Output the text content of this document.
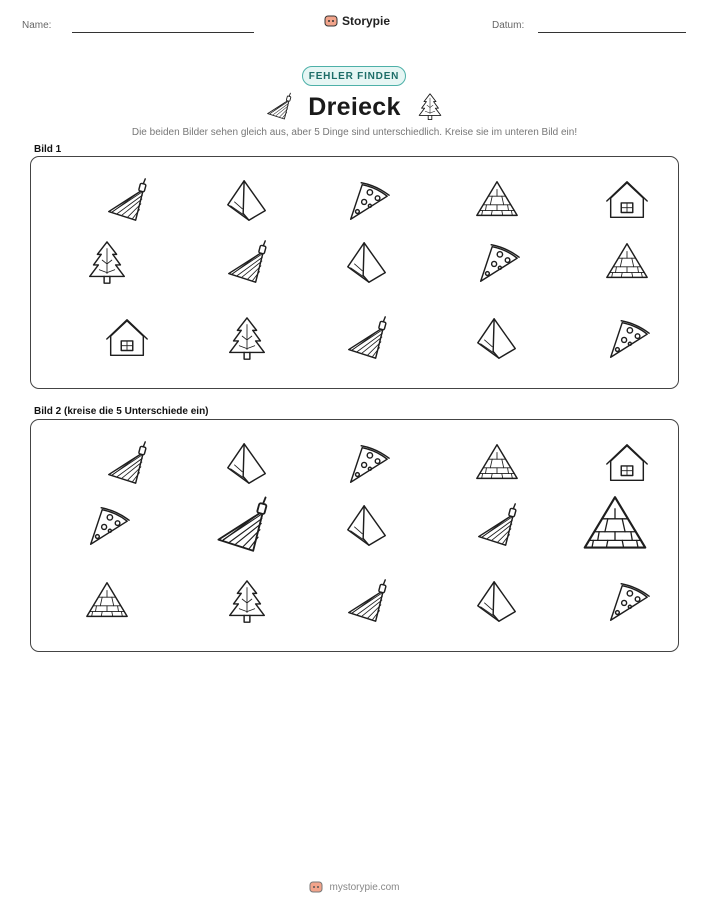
Name:	Storypie	Datum:
FEHLER FINDEN
Dreieck
Die beiden Bilder sehen gleich aus, aber 5 Dinge sind unterschiedlich. Kreise sie im unteren Bild ein!
Bild 1
Bild 2 (kreise die 5 Unterschiede ein)
mystorypie.com
